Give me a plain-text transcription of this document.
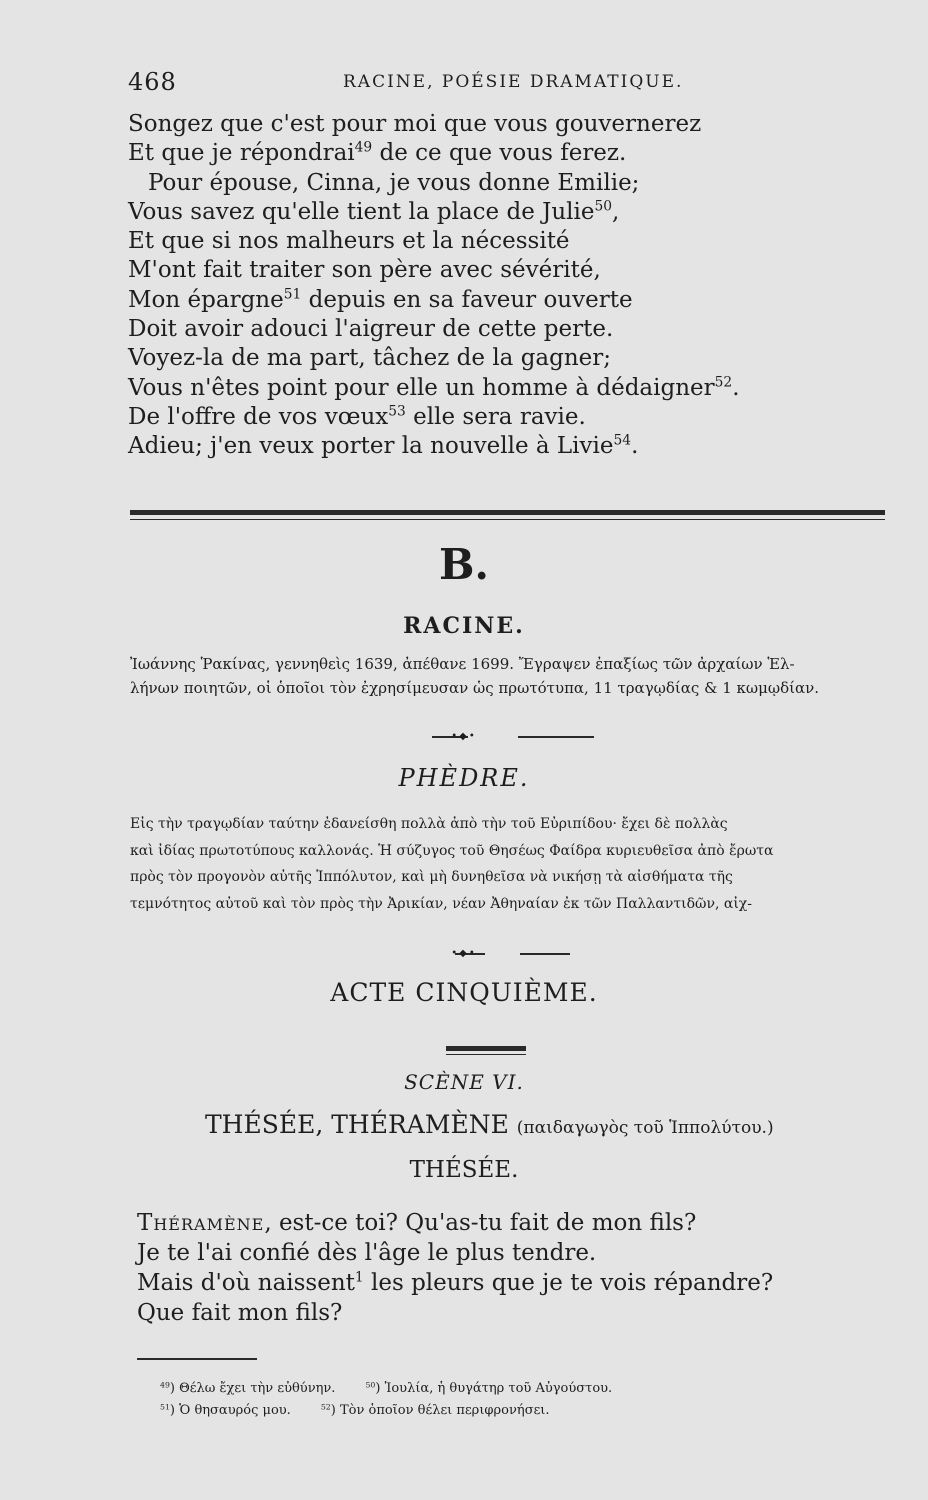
468	RACINE, POÉSIE DRAMATIQUE.
Songez que c'est pour moi que vous gouvernerez
Et que je répondrai$^{49}$ de ce que vous ferez.
Pour épouse, Cinna, je vous donne Emilie;
Vous savez qu'elle tient la place de Julie$^{50}$,
Et que si nos malheurs et la nécessité
M'ont fait traiter son père avec sévérité,
Mon épargne$^{51}$ depuis en sa faveur ouverte
Doit avoir adouci l'aigreur de cette perte.
Voyez-la de ma part, tâchez de la gagner;
Vous n'êtes point pour elle un homme à dédaigner$^{52}$.
De l'offre de vos vœux$^{53}$ elle sera ravie.
Adieu; j'en veux porter la nouvelle à Livie$^{54}$.
B.
RACINE.
Ἰωάννης Ῥακίνας, γεννηθεὶς 1639, ἀπέθανε 1699. Ἔγραψεν ἐπαξίως τῶν ἀρχαίων Ἑλ-
λήνων ποιητῶν, οἱ ὁποῖοι τὸν ἐχρησίμευσαν ὡς πρωτότυπα, 11 τραγῳδίας & 1 κωμῳδίαν.
•◆•
PHÈDRE.
Εἰς τὴν τραγῳδίαν ταύτην ἐδανείσθη πολλὰ ἀπὸ τὴν τοῦ Εὐριπίδου· ἔχει δὲ πολλὰς
καὶ ἰδίας πρωτοτύπους καλλονάς. Ἡ σύζυγος τοῦ Θησέως Φαίδρα κυριευθεῖσα ἀπὸ ἔρωτα
πρὸς τὸν προγονὸν αὐτῆς Ἱππόλυτον, καὶ μὴ δυνηθεῖσα νὰ νικήσῃ τὰ αἰσθήματα τῆς
τεμνότητος αὐτοῦ καὶ τὸν πρὸς τὴν Ἀρικίαν, νέαν Ἀθηναίαν ἐκ τῶν Παλλαντιδῶν, αἰχ-
•◆•
ACTE CINQUIÈME.
SCÈNE VI.
THÉSÉE, THÉRAMÈNE (παιδαγωγὸς τοῦ Ἱππολύτου.)
THÉSÉE.
Théramène, est-ce toi? Qu'as-tu fait de mon fils?
Je te l'ai confié dès l'âge le plus tendre.
Mais d'où naissent$^1$ les pleurs que je te vois répandre?
Que fait mon fils?
$^{49}$) Θέλω ἔχει τὴν εὐθύνην.	$^{50}$) Ἰουλία, ἡ θυγάτηρ τοῦ Αὐγούστου.
$^{51}$) Ὁ θησαυρός μου.	$^{52}$) Τὸν ὁποῖον θέλει περιφρονήσει.
